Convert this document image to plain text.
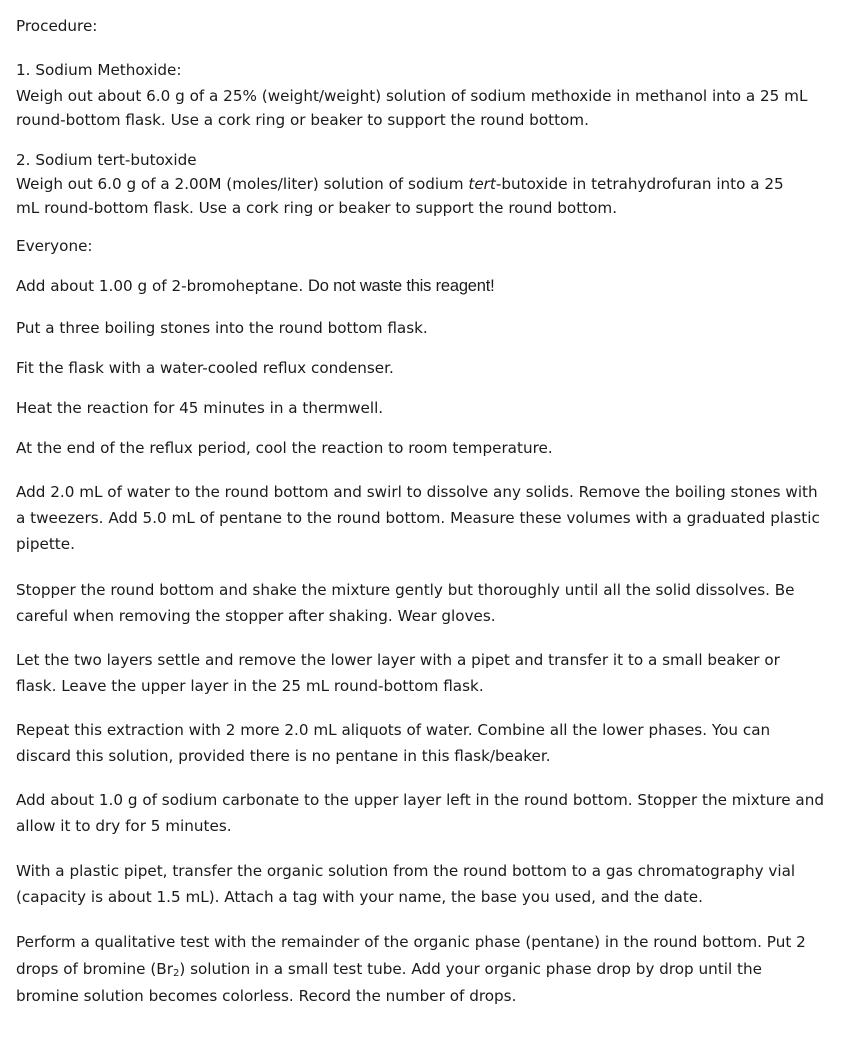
Procedure:
1. Sodium Methoxide:
Weigh out about 6.0 g of a 25% (weight/weight) solution of sodium methoxide in methanol into a 25 mL
round-bottom flask. Use a cork ring or beaker to support the round bottom.
2. Sodium tert-butoxide
Weigh out 6.0 g of a 2.00M (moles/liter) solution of sodium tert-butoxide in tetrahydrofuran into a 25
mL round-bottom flask. Use a cork ring or beaker to support the round bottom.
Everyone:
Add about 1.00 g of 2-bromoheptane. Do not waste this reagent!
Put a three boiling stones into the round bottom flask.
Fit the flask with a water-cooled reflux condenser.
Heat the reaction for 45 minutes in a thermwell.
At the end of the reflux period, cool the reaction to room temperature.
Add 2.0 mL of water to the round bottom and swirl to dissolve any solids. Remove the boiling stones with a tweezers. Add 5.0 mL of pentane to the round bottom. Measure these volumes with a graduated plastic pipette.
Stopper the round bottom and shake the mixture gently but thoroughly until all the solid dissolves. Be careful when removing the stopper after shaking. Wear gloves.
Let the two layers settle and remove the lower layer with a pipet and transfer it to a small beaker or flask. Leave the upper layer in the 25 mL round-bottom flask.
Repeat this extraction with 2 more 2.0 mL aliquots of water. Combine all the lower phases. You can discard this solution, provided there is no pentane in this flask/beaker.
Add about 1.0 g of sodium carbonate to the upper layer left in the round bottom. Stopper the mixture and allow it to dry for 5 minutes.
With a plastic pipet, transfer the organic solution from the round bottom to a gas chromatography vial (capacity is about 1.5 mL). Attach a tag with your name, the base you used, and the date.
Perform a qualitative test with the remainder of the organic phase (pentane) in the round bottom. Put 2 drops of bromine $(Br_2)$ solution in a small test tube. Add your organic phase drop by drop until the bromine solution becomes colorless. Record the number of drops.
